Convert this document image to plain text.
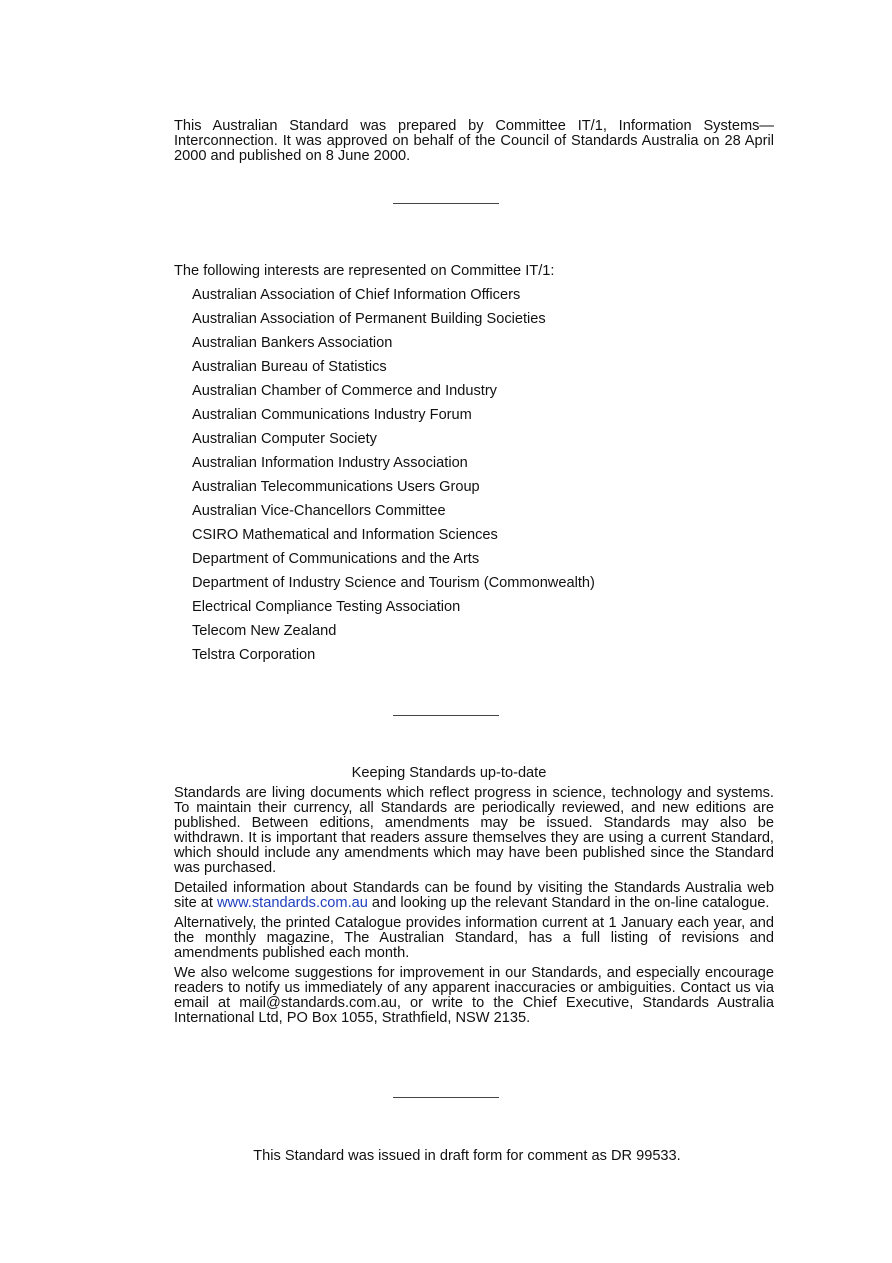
This Australian Standard was prepared by Committee IT/1, Information Systems—Interconnection. It was approved on behalf of the Council of Standards Australia on 28 April 2000 and published on 8 June 2000.
The following interests are represented on Committee IT/1:
Australian Association of Chief Information Officers
Australian Association of Permanent Building Societies
Australian Bankers Association
Australian Bureau of Statistics
Australian Chamber of Commerce and Industry
Australian Communications Industry Forum
Australian Computer Society
Australian Information Industry Association
Australian Telecommunications Users Group
Australian Vice-Chancellors Committee
CSIRO Mathematical and Information Sciences
Department of Communications and the Arts
Department of Industry Science and Tourism (Commonwealth)
Electrical Compliance Testing Association
Telecom New Zealand
Telstra Corporation
Keeping Standards up-to-date

Standards are living documents which reflect progress in science, technology and systems. To maintain their currency, all Standards are periodically reviewed, and new editions are published. Between editions, amendments may be issued. Standards may also be withdrawn. It is important that readers assure themselves they are using a current Standard, which should include any amendments which may have been published since the Standard was purchased.

Detailed information about Standards can be found by visiting the Standards Australia web site at www.standards.com.au and looking up the relevant Standard in the on-line catalogue.

Alternatively, the printed Catalogue provides information current at 1 January each year, and the monthly magazine, The Australian Standard, has a full listing of revisions and amendments published each month.

We also welcome suggestions for improvement in our Standards, and especially encourage readers to notify us immediately of any apparent inaccuracies or ambiguities. Contact us via email at mail@standards.com.au, or write to the Chief Executive, Standards Australia International Ltd, PO Box 1055, Strathfield, NSW 2135.

This Standard was issued in draft form for comment as DR 99533.
